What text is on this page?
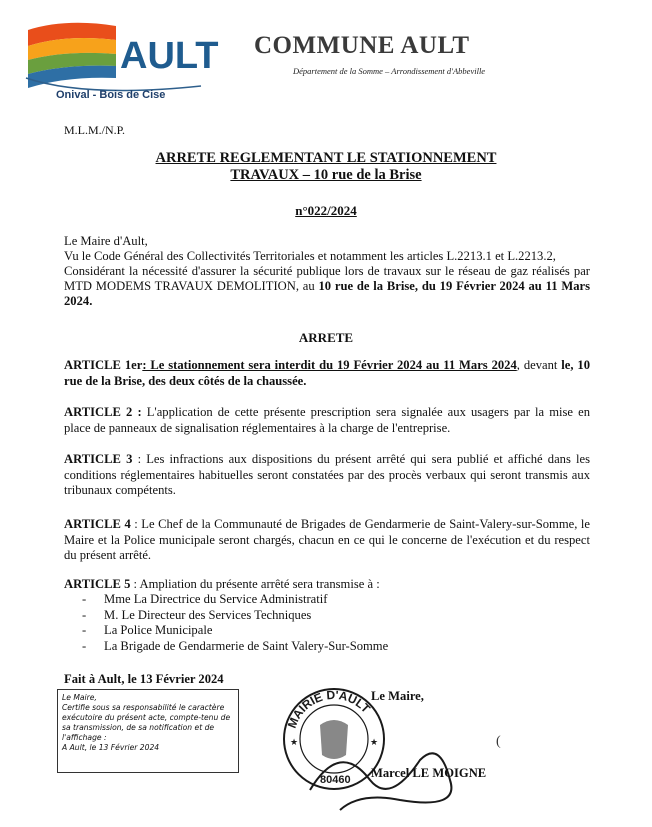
AULT
Onival - Bois de Cise
COMMUNE AULT
Département de la Somme – Arrondissement d'Abbeville
M.L.M./N.P.
ARRETE REGLEMENTANT LE STATIONNEMENT
TRAVAUX – 10 rue de la Brise
n°022/2024
Le Maire d'Ault,
Vu le Code Général des Collectivités Territoriales et notamment les articles L.2213.1 et L.2213.2,
Considérant la nécessité d'assurer la sécurité publique lors de travaux sur le réseau de gaz réalisés par MTD MODEMS TRAVAUX DEMOLITION, au 10 rue de la Brise, du 19 Février 2024 au 11 Mars 2024.
ARRETE
ARTICLE 1er: Le stationnement sera interdit du 19 Février 2024 au 11 Mars 2024, devant le, 10 rue de la Brise, des deux côtés de la chaussée.
ARTICLE 2 : L'application de cette présente prescription sera signalée aux usagers par la mise en place de panneaux de signalisation réglementaires à la charge de l'entreprise.
ARTICLE 3 : Les infractions aux dispositions du présent arrêté qui sera publié et affiché dans les conditions réglementaires habituelles seront constatées par des procès verbaux qui seront transmis aux tribunaux compétents.
ARTICLE 4 : Le Chef de la Communauté de Brigades de Gendarmerie de Saint-Valery-sur-Somme, le Maire et la Police municipale seront chargés, chacun en ce qui le concerne de l'exécution et du respect du présent arrêté.
ARTICLE 5 : Ampliation du présente arrêté sera transmise à :
- Mme La Directrice du Service Administratif
- M. Le Directeur des Services Techniques
- La Police Municipale
- La Brigade de Gendarmerie de Saint Valery-Sur-Somme
Fait à Ault, le 13 Février 2024

Le Maire,

Certifie sous sa responsabilité le caractère exécutoire du présent acte, compte-tenu de sa transmission, de sa notification et de l'affichage :

A Ault, le 13 Février 2024

MAIRIE D'AULT
80460
★	★
Le Maire,
(
Marcel LE MOIGNE
